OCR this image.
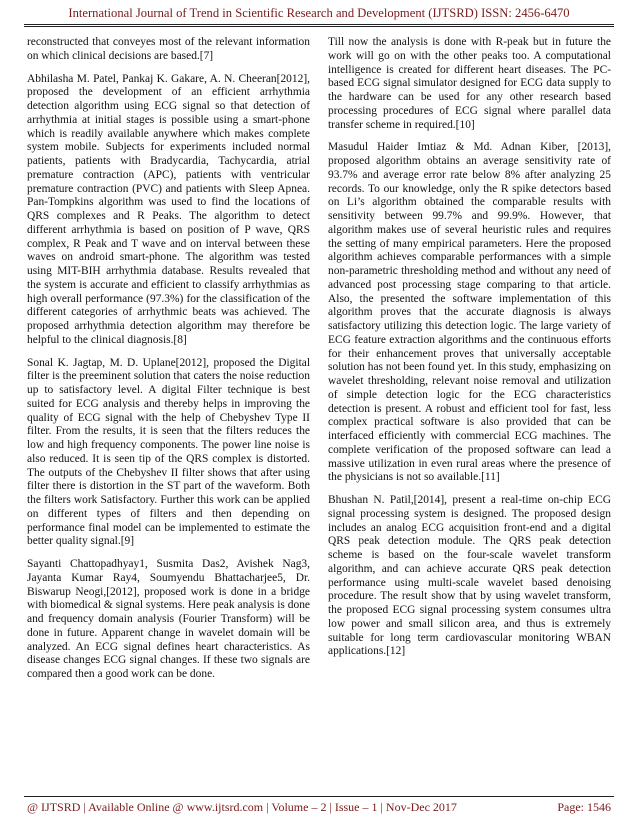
International Journal of Trend in Scientific Research and Development (IJTSRD) ISSN: 2456-6470

reconstructed that conveyes most of the relevant information on which clinical decisions are based.[7]

Abhilasha M. Patel, Pankaj K. Gakare, A. N. Cheeran[2012], proposed the development of an efficient arrhythmia detection algorithm using ECG signal so that detection of arrhythmia at initial stages is possible using a smart-phone which is readily available anywhere which makes complete system mobile. Subjects for experiments included normal patients, patients with Bradycardia, Tachycardia, atrial premature contraction (APC), patients with ventricular premature contraction (PVC) and patients with Sleep Apnea. Pan-Tompkins algorithm was used to find the locations of QRS complexes and R Peaks. The algorithm to detect different arrhythmia is based on position of P wave, QRS complex, R Peak and T wave and on interval between these waves on android smart-phone. The algorithm was tested using MIT-BIH arrhythmia database. Results revealed that the system is accurate and efficient to classify arrhythmias as high overall performance (97.3%) for the classification of the different categories of arrhythmic beats was achieved. The proposed arrhythmia detection algorithm may therefore be helpful to the clinical diagnosis.[8]

Sonal K. Jagtap, M. D. Uplane[2012], proposed the Digital filter is the preeminent solution that caters the noise reduction up to satisfactory level. A digital Filter technique is best suited for ECG analysis and thereby helps in improving the quality of ECG signal with the help of Chebyshev Type II filter. From the results, it is seen that the filters reduces the low and high frequency components. The power line noise is also reduced. It is seen tip of the QRS complex is distorted. The outputs of the Chebyshev II filter shows that after using filter there is distortion in the ST part of the waveform. Both the filters work Satisfactory. Further this work can be applied on different types of filters and then depending on performance final model can be implemented to estimate the better quality signal.[9]

Sayanti Chattopadhyay1, Susmita Das2, Avishek Nag3, Jayanta Kumar Ray4, Soumyendu Bhattacharjee5, Dr. Biswarup Neogi,[2012], proposed work is done in a bridge with biomedical & signal systems. Here peak analysis is done and frequency domain analysis (Fourier Transform) will be done in future. Apparent change in wavelet domain will be analyzed. An ECG signal defines heart characteristics. As disease changes ECG signal changes. If these two signals are compared then a good work can be done.

Till now the analysis is done with R-peak but in future the work will go on with the other peaks too. A computational intelligence is created for different heart diseases. The PC-based ECG signal simulator designed for ECG data supply to the hardware can be used for any other research based processing procedures of ECG signal where parallel data transfer scheme in required.[10]

Masudul Haider Imtiaz & Md. Adnan Kiber, [2013], proposed algorithm obtains an average sensitivity rate of 93.7% and average error rate below 8% after analyzing 25 records. To our knowledge, only the R spike detectors based on Li’s algorithm obtained the comparable results with sensitivity between 99.7% and 99.9%. However, that algorithm makes use of several heuristic rules and requires the setting of many empirical parameters. Here the proposed algorithm achieves comparable performances with a simple non-parametric thresholding method and without any need of advanced post processing stage comparing to that article. Also, the presented the software implementation of this algorithm proves that the accurate diagnosis is always satisfactory utilizing this detection logic. The large variety of ECG feature extraction algorithms and the continuous efforts for their enhancement proves that universally acceptable solution has not been found yet. In this study, emphasizing on wavelet thresholding, relevant noise removal and utilization of simple detection logic for the ECG characteristics detection is present. A robust and efficient tool for fast, less complex practical software is also provided that can be interfaced efficiently with commercial ECG machines. The complete verification of the proposed software can lead a massive utilization in even rural areas where the presence of the physicians is not so available.[11]

Bhushan N. Patil,[2014], present a real-time on-chip ECG signal processing system is designed. The proposed design includes an analog ECG acquisition front-end and a digital QRS peak detection module. The QRS peak detection scheme is based on the four-scale wavelet transform algorithm, and can achieve accurate QRS peak detection performance using multi-scale wavelet based denoising procedure. The result show that by using wavelet transform, the proposed ECG signal processing system consumes ultra low power and small silicon area, and thus is extremely suitable for long term cardiovascular monitoring WBAN applications.[12]

@ IJTSRD | Available Online @ www.ijtsrd.com | Volume – 2 | Issue – 1 | Nov-Dec 2017	Page: 1546
